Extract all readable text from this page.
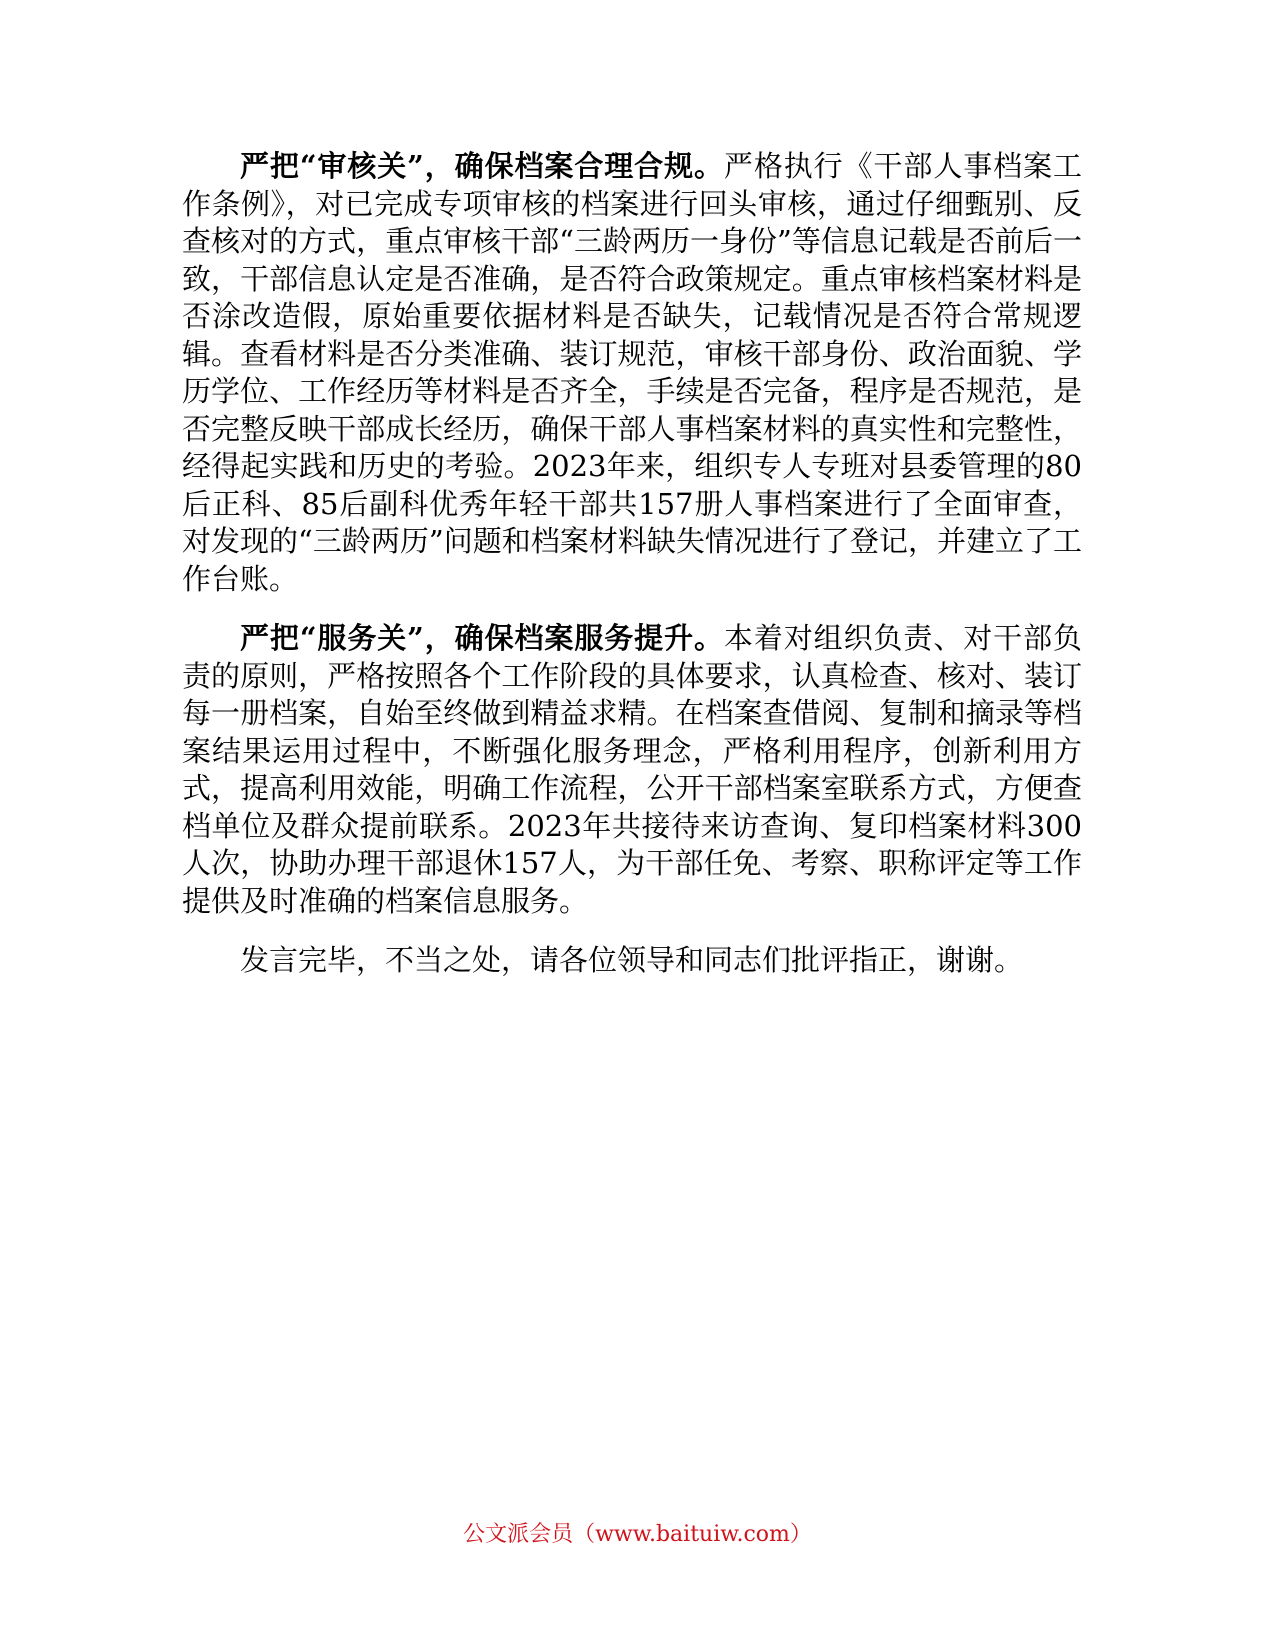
严把“审核关”，确保档案合理合规。严格执行《干部人事档案工作条例》，对已完成专项审核的档案进行回头审核，通过仔细甄别、反查核对的方式，重点审核干部“三龄两历一身份”等信息记载是否前后一致，干部信息认定是否准确，是否符合政策规定。重点审核档案材料是否涂改造假，原始重要依据材料是否缺失，记载情况是否符合常规逻辑。查看材料是否分类准确、装订规范，审核干部身份、政治面貌、学历学位、工作经历等材料是否齐全，手续是否完备，程序是否规范，是否完整反映干部成长经历，确保干部人事档案材料的真实性和完整性，经得起实践和历史的考验。2023年来，组织专人专班对县委管理的80后正科、85后副科优秀年轻干部共157册人事档案进行了全面审查，对发现的“三龄两历”问题和档案材料缺失情况进行了登记，并建立了工作台账。

严把“服务关”，确保档案服务提升。本着对组织负责、对干部负责的原则，严格按照各个工作阶段的具体要求，认真检查、核对、装订每一册档案，自始至终做到精益求精。在档案查借阅、复制和摘录等档案结果运用过程中，不断强化服务理念，严格利用程序，创新利用方式，提高利用效能，明确工作流程，公开干部档案室联系方式，方便查档单位及群众提前联系。2023年共接待来访查询、复印档案材料300人次，协助办理干部退休157人，为干部任免、考察、职称评定等工作提供及时准确的档案信息服务。

发言完毕，不当之处，请各位领导和同志们批评指正，谢谢。

公文派会员（www.baituiw.com）
